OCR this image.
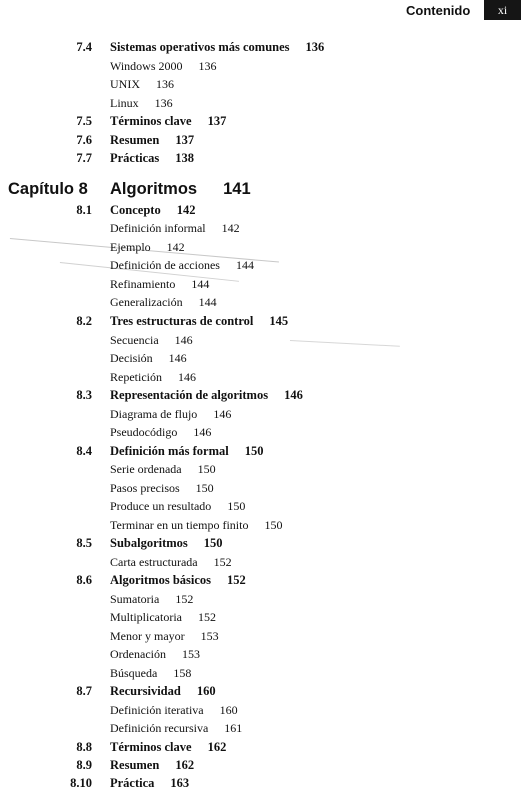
Contenido	xi
7.4 Sistemas operativos más comunes 136
Windows 2000 136
UNIX 136
Linux 136
7.5 Términos clave 137
7.6 Resumen 137
7.7 Prácticas 138
Capítulo 8 Algoritmos 141
8.1 Concepto 142
Definición informal 142
Ejemplo 142
Definición de acciones 144
Refinamiento 144
Generalización 144
8.2 Tres estructuras de control 145
Secuencia 146
Decisión 146
Repetición 146
8.3 Representación de algoritmos 146
Diagrama de flujo 146
Pseudocódigo 146
8.4 Definición más formal 150
Serie ordenada 150
Pasos precisos 150
Produce un resultado 150
Terminar en un tiempo finito 150
8.5 Subalgoritmos 150
Carta estructurada 152
8.6 Algoritmos básicos 152
Sumatoria 152
Multiplicatoria 152
Menor y mayor 153
Ordenación 153
Búsqueda 158
8.7 Recursividad 160
Definición iterativa 160
Definición recursiva 161
8.8 Términos clave 162
8.9 Resumen 162
8.10 Práctica 163
